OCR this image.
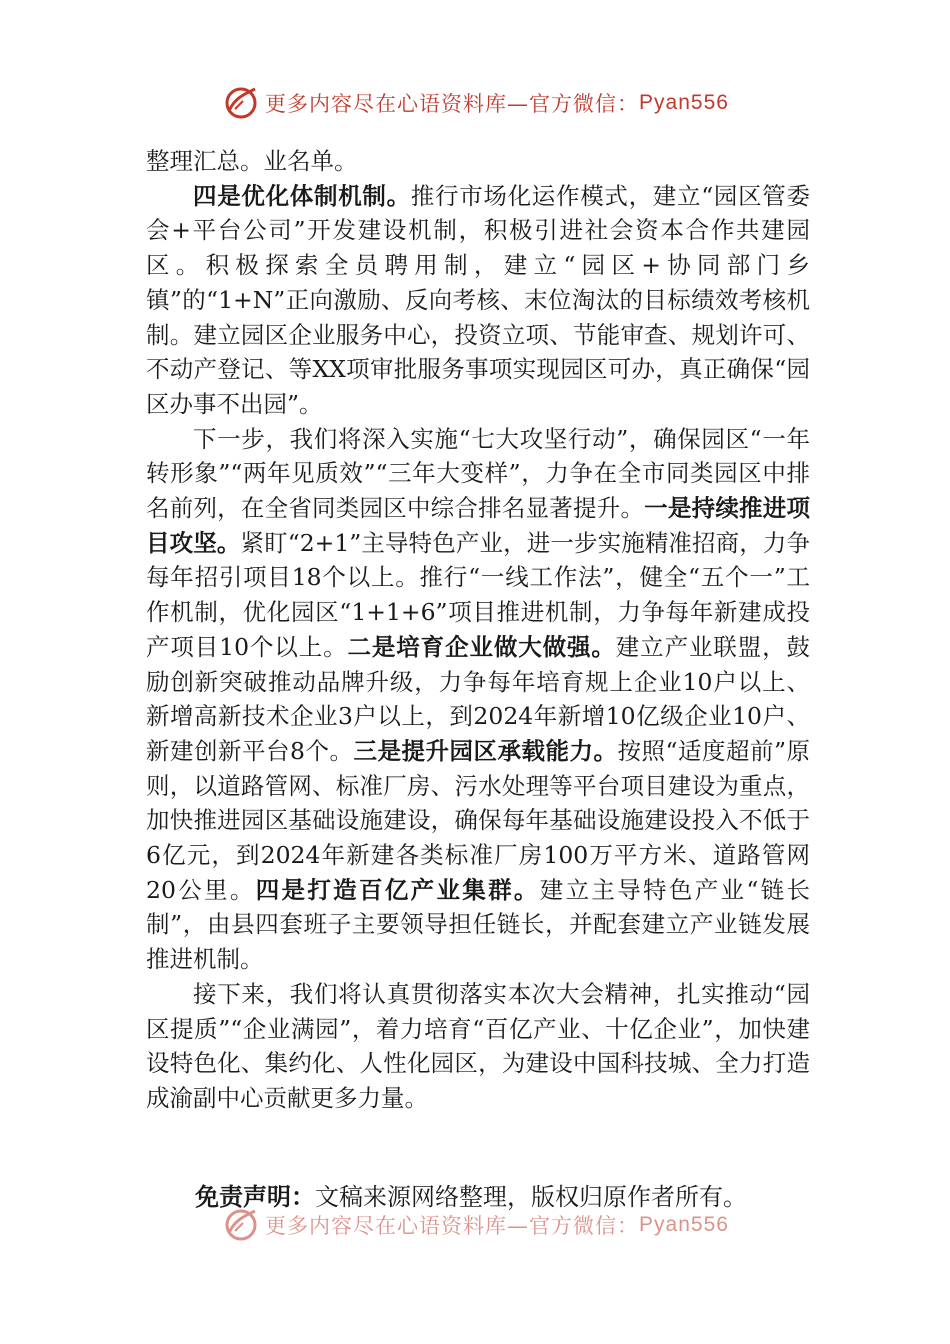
更多内容尽在心语资料库—官方微信： Pyan556

整理汇总。业名单。

四是优化体制机制。推行市场化运作模式，建立“园区管委会+平台公司”开发建设机制，积极引进社会资本合作共建园区。积极探索全员聘用制，建立“园区+协同部门乡镇”的“1+N”正向激励、反向考核、末位淘汰的目标绩效考核机制。建立园区企业服务中心，投资立项、节能审查、规划许可、不动产登记、等XX项审批服务事项实现园区可办，真正确保“园区办事不出园”。

下一步，我们将深入实施“七大攻坚行动”，确保园区“一年转形象”“两年见质效”“三年大变样”，力争在全市同类园区中排名前列，在全省同类园区中综合排名显著提升。一是持续推进项目攻坚。紧盯“2+1”主导特色产业，进一步实施精准招商，力争每年招引项目18个以上。推行“一线工作法”，健全“五个一”工作机制，优化园区“1+1+6”项目推进机制，力争每年新建成投产项目10个以上。二是培育企业做大做强。建立产业联盟，鼓励创新突破推动品牌升级，力争每年培育规上企业10户以上、新增高新技术企业3户以上，到2024年新增10亿级企业10户、新建创新平台8个。三是提升园区承载能力。按照“适度超前”原则，以道路管网、标准厂房、污水处理等平台项目建设为重点，加快推进园区基础设施建设，确保每年基础设施建设投入不低于6亿元，到2024年新建各类标准厂房100万平方米、道路管网20公里。四是打造百亿产业集群。建立主导特色产业“链长制”，由县四套班子主要领导担任链长，并配套建立产业链发展推进机制。

接下来，我们将认真贯彻落实本次大会精神，扎实推动“园区提质”“企业满园”，着力培育“百亿产业、十亿企业”，加快建设特色化、集约化、人性化园区，为建设中国科技城、全力打造成渝副中心贡献更多力量。

免责声明：文稿来源网络整理，版权归原作者所有。
更多内容尽在心语资料库—官方微信： Pyan556
